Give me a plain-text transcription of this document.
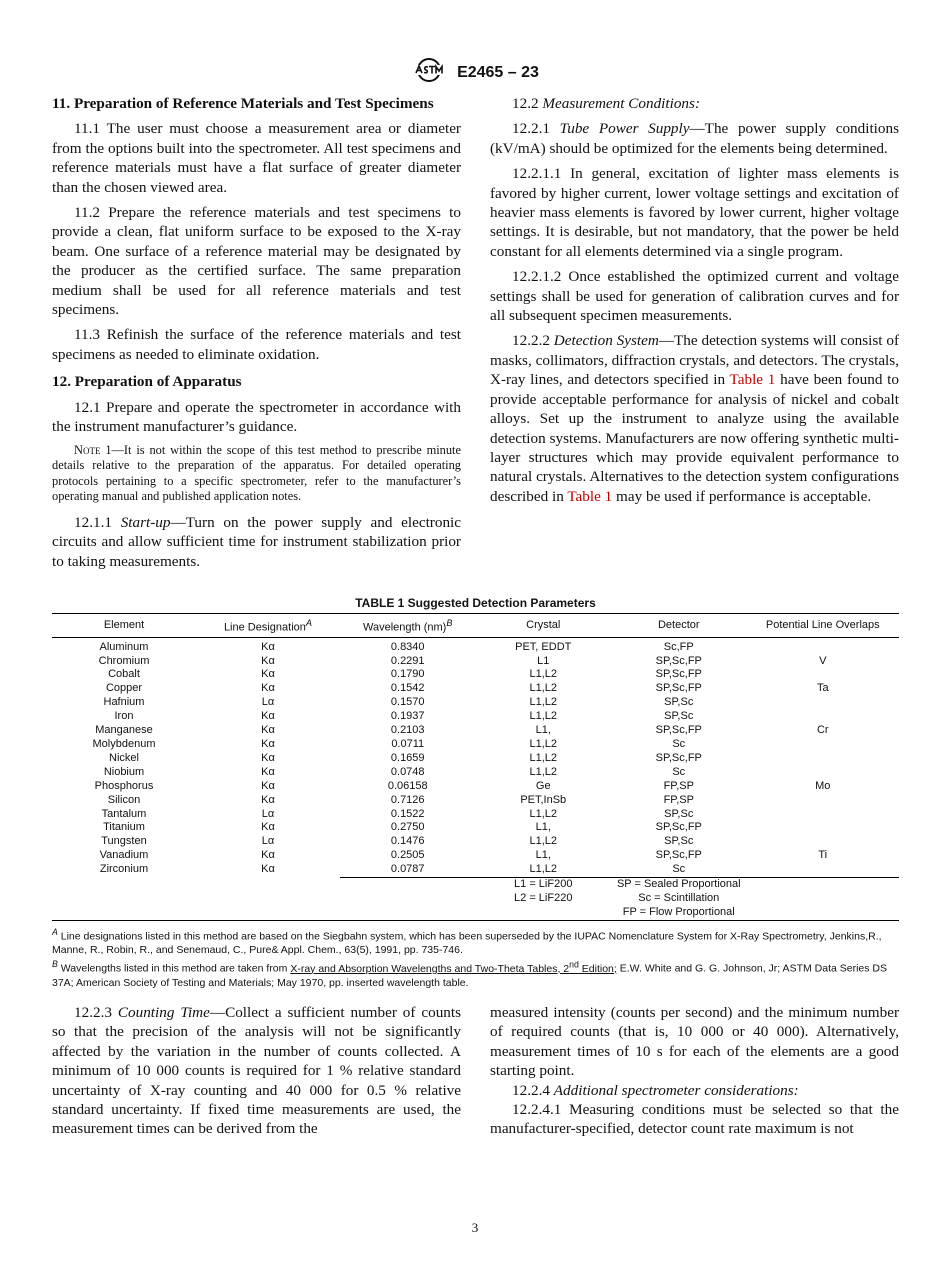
E2465 – 23
11. Preparation of Reference Materials and Test Specimens

11.1 The user must choose a measurement area or diameter from the options built into the spectrometer. All test specimens and reference materials must have a flat surface of greater diameter than the chosen viewed area.

11.2 Prepare the reference materials and test specimens to provide a clean, flat uniform surface to be exposed to the X-ray beam. One surface of a reference material may be designated by the producer as the certified surface. The same preparation medium shall be used for all reference materials and test specimens.

11.3 Refinish the surface of the reference materials and test specimens as needed to eliminate oxidation.

12. Preparation of Apparatus

12.1 Prepare and operate the spectrometer in accordance with the instrument manufacturer’s guidance.

Note 1—It is not within the scope of this test method to prescribe minute details relative to the preparation of the apparatus. For detailed operating protocols pertaining to a specific spectrometer, refer to the manufacturer’s operating manual and published application notes.

12.1.1 Start-up—Turn on the power supply and electronic circuits and allow sufficient time for instrument stabilization prior to taking measurements.

12.2 Measurement Conditions:

12.2.1 Tube Power Supply—The power supply conditions (kV/mA) should be optimized for the elements being determined.

12.2.1.1 In general, excitation of lighter mass elements is favored by higher current, lower voltage settings and excitation of heavier mass elements is favored by lower current, higher voltage settings. It is desirable, but not mandatory, that the power be held constant for all elements determined via a single program.

12.2.1.2 Once established the optimized current and voltage settings shall be used for generation of calibration curves and for all subsequent specimen measurements.

12.2.2 Detection System—The detection systems will consist of masks, collimators, diffraction crystals, and detectors. The crystals, X-ray lines, and detectors specified in Table 1 have been found to provide acceptable performance for analysis of nickel and cobalt alloys. Set up the instrument to analyze using the available detection systems. Manufacturers are now offering synthetic multi-layer structures which may provide equivalent performance to natural crystals. Alternatives to the detection system configurations described in Table 1 may be used if performance is acceptable.

TABLE 1 Suggested Detection Parameters
Element	Line Designation$^A$	Wavelength (nm)$^B$	Crystal	Detector	Potential Line Overlaps
Aluminum	Kα	0.8340	PET, EDDT	Sc,FP	
Chromium	Kα	0.2291	L1	SP,Sc,FP	V
Cobalt	Kα	0.1790	L1,L2	SP,Sc,FP	
Copper	Kα	0.1542	L1,L2	SP,Sc,FP	Ta
Hafnium	Lα	0.1570	L1,L2	SP,Sc	
Iron	Kα	0.1937	L1,L2	SP,Sc	
Manganese	Kα	0.2103	L1,	SP,Sc,FP	Cr
Molybdenum	Kα	0.0711	L1,L2	Sc	
Nickel	Kα	0.1659	L1,L2	SP,Sc,FP	
Niobium	Kα	0.0748	L1,L2	Sc	
Phosphorus	Kα	0.06158	Ge	FP,SP	Mo
Silicon	Kα	0.7126	PET,InSb	FP,SP	
Tantalum	Lα	0.1522	L1,L2	SP,Sc	
Titanium	Kα	0.2750	L1,	SP,Sc,FP	
Tungsten	Lα	0.1476	L1,L2	SP,Sc	
Vanadium	Kα	0.2505	L1,	SP,Sc,FP	Ti
Zirconium	Kα	0.0787	L1,L2	Sc	
			L1 = LiF200	SP = Sealed Proportional	
			L2 = LiF220	Sc = Scintillation	
				FP = Flow Proportional	
$^A$ Line designations listed in this method are based on the Siegbahn system, which has been superseded by the IUPAC Nomenclature System for X-Ray Spectrometry, Jenkins,R., Manne, R., Robin, R., and Senemaud, C., Pure& Appl. Chem., 63(5), 1991, pp. 735-746.
$^B$ Wavelengths listed in this method are taken from X-ray and Absorption Wavelengths and Two-Theta Tables, 2nd Edition; E.W. White and G. G. Johnson, Jr; ASTM Data Series DS 37A; American Society of Testing and Materials; May 1970, pp. inserted wavelength table.

12.2.3 Counting Time—Collect a sufficient number of counts so that the precision of the analysis will not be significantly affected by the variation in the number of counts collected. A minimum of 10 000 counts is required for 1 % relative standard uncertainty of X-ray counting and 40 000 for 0.5 % relative standard uncertainty. If fixed time measurements are used, the measurement times can be derived from the

measured intensity (counts per second) and the minimum number of required counts (that is, 10 000 or 40 000). Alternatively, measurement times of 10 s for each of the elements are a good starting point.

12.2.4 Additional spectrometer considerations:

12.2.4.1 Measuring conditions must be selected so that the manufacturer-specified, detector count rate maximum is not

3
